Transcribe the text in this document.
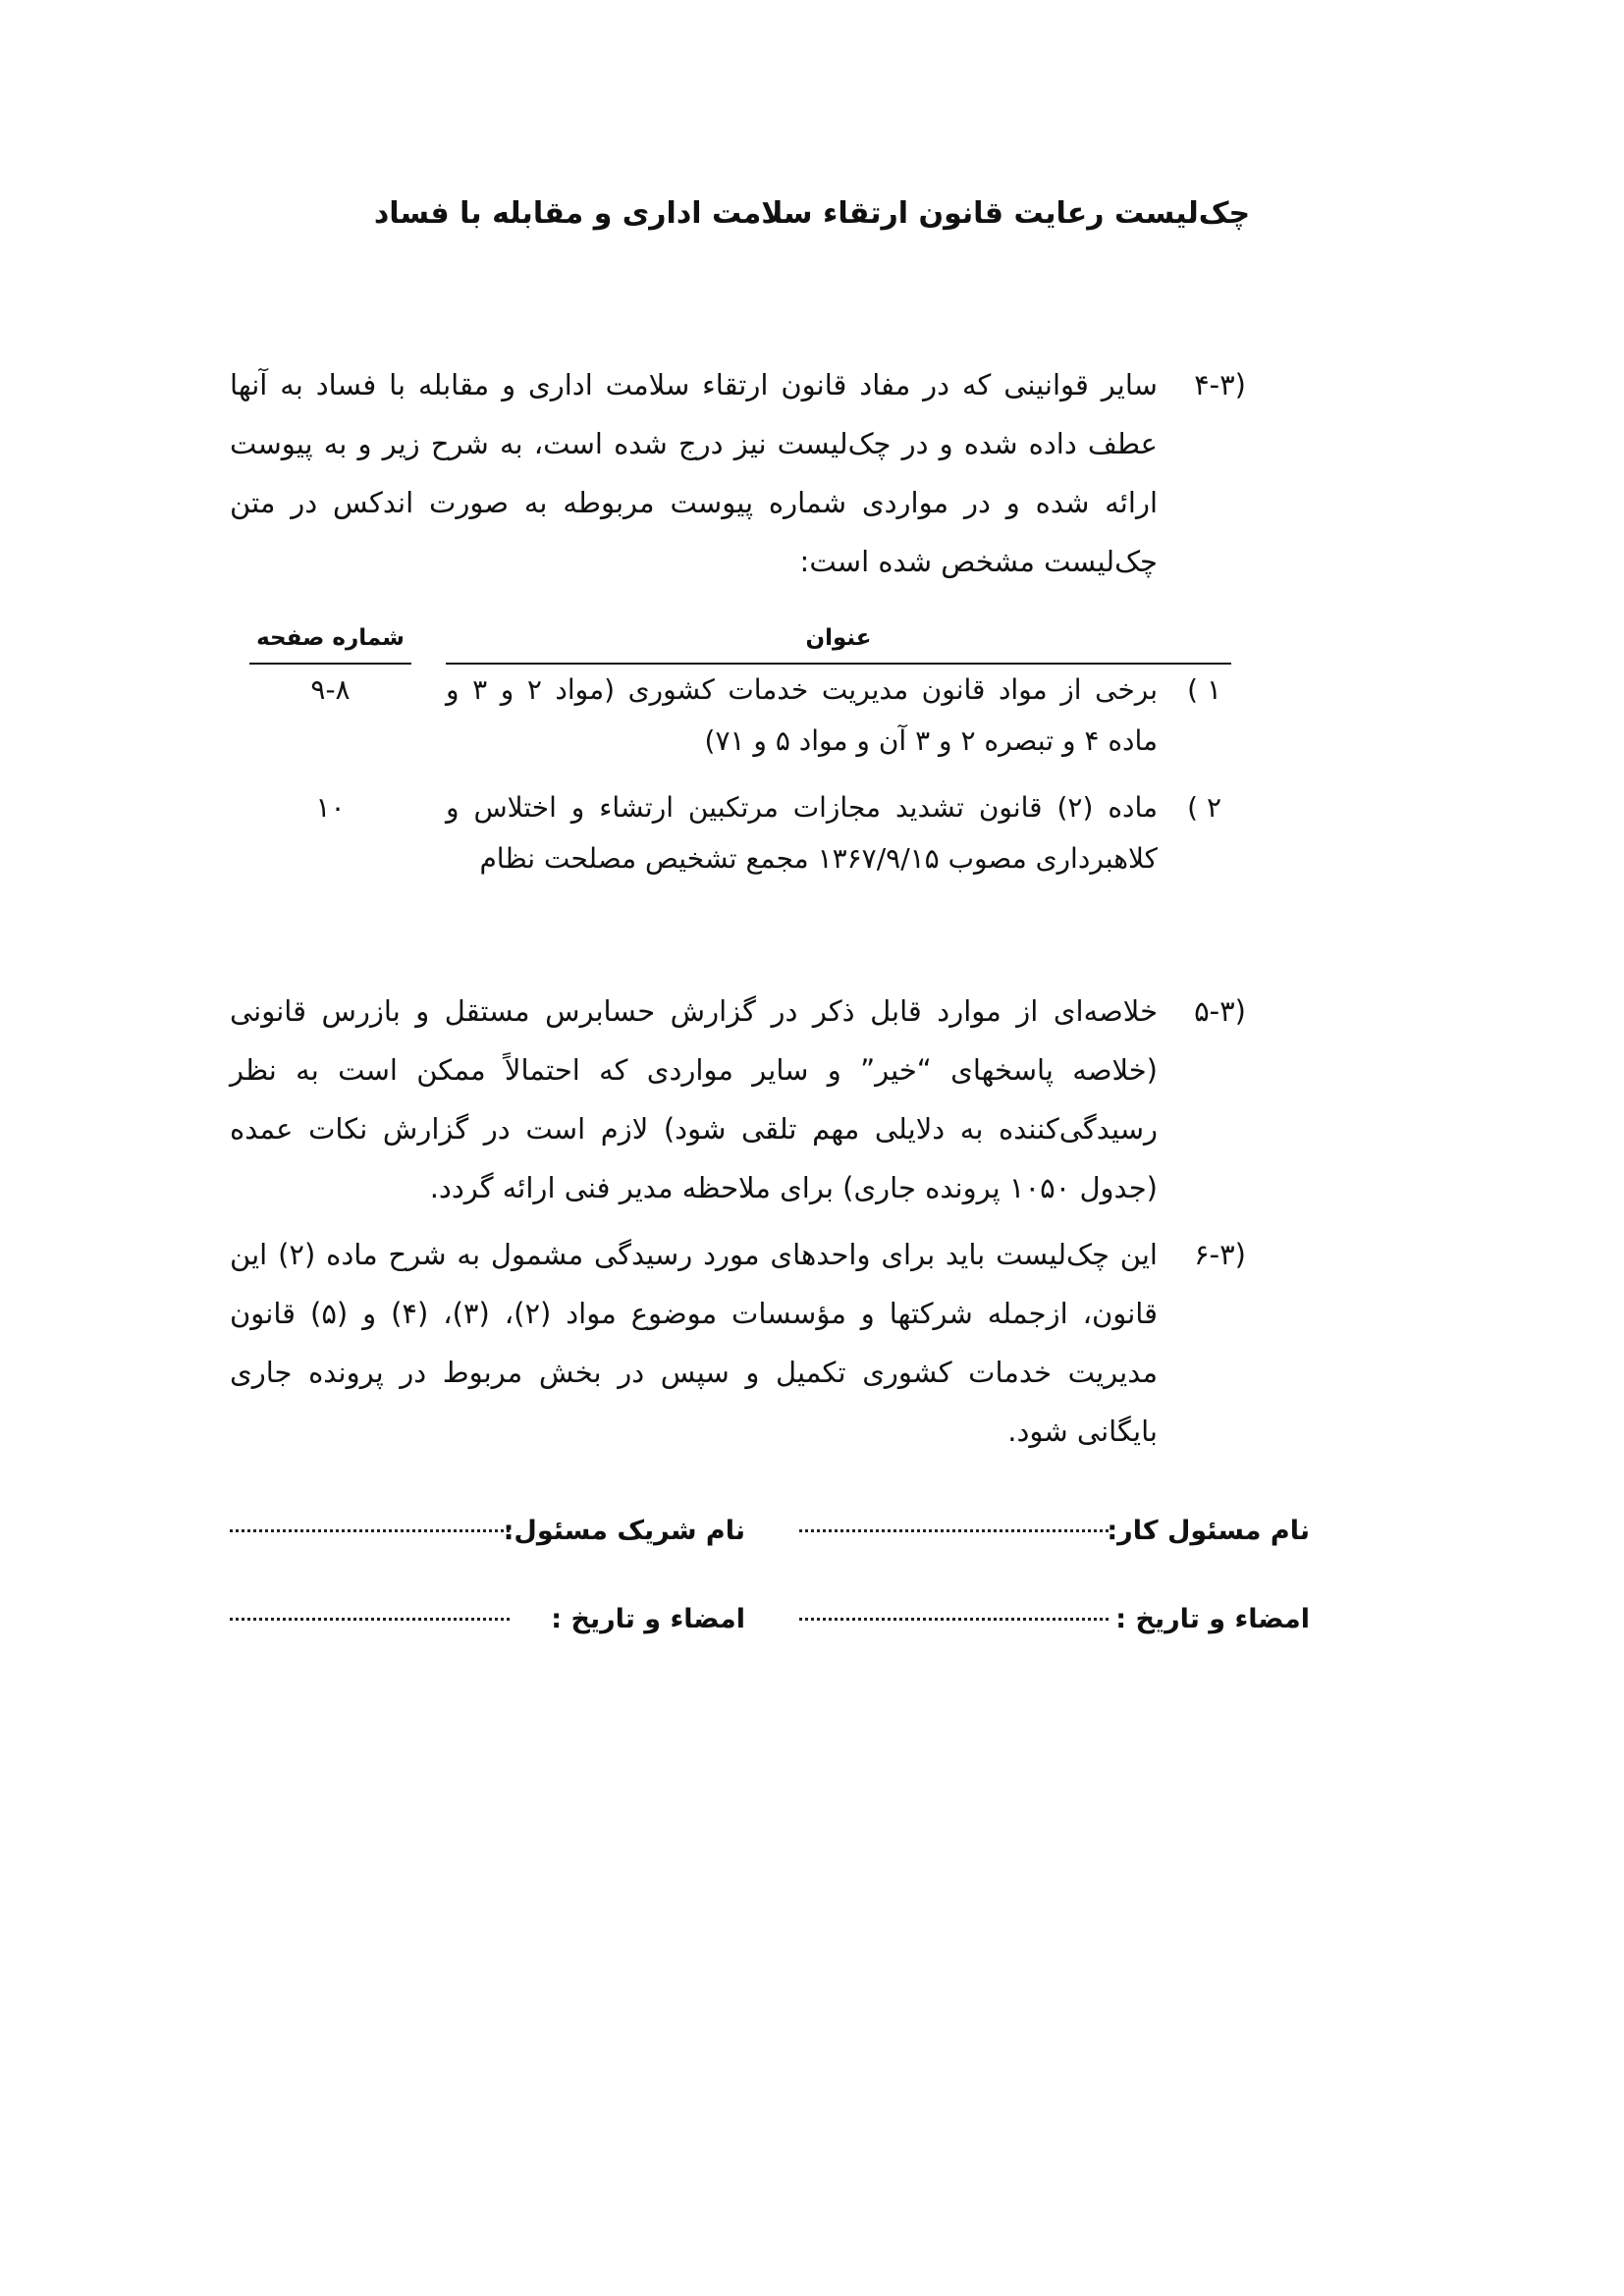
چک‌لیست رعایت قانون ارتقاء سلامت اداری و مقابله با فساد
۴-۳)
سایر قوانینی که در مفاد قانون ارتقاء سلامت اداری و مقابله با فساد به آنها عطف داده شده و در چک‌لیست نیز درج شده است، به شرح زیر و به پیوست ارائه شده و در مواردی شماره پیوست مربوطه به صورت اندکس در متن چک‌لیست مشخص شده است:
عنوان
شماره صفحه
۱ )
برخی از مواد قانون مدیریت خدمات کشوری (مواد ۲ و ۳ و ماده ۴ و تبصره ۲ و ۳ آن و مواد ۵ و ۷۱)
۹-۸
۲ )
ماده (۲) قانون تشدید مجازات مرتکبین ارتشاء و اختلاس و کلاهبرداری مصوب ۱۳۶۷/۹/۱۵ مجمع تشخیص مصلحت نظام
۱۰
۵-۳)
خلاصه‌ای از موارد قابل ذکر در گزارش حسابرس مستقل و بازرس قانونی (خلاصه پاسخهای “خیر” و سایر مواردی که احتمالاً ممکن است به نظر رسیدگی‌کننده به دلایلی مهم تلقی شود) لازم است در گزارش نکات عمده (جدول ۱۰۵۰ پرونده جاری) برای ملاحظه مدیر فنی ارائه گردد.
۶-۳)
این چک‌لیست باید برای واحدهای مورد رسیدگی مشمول به شرح ماده (۲) این قانون، ازجمله شرکتها و مؤسسات موضوع مواد (۲)، (۳)، (۴) و (۵) قانون مدیریت خدمات کشوری تکمیل و سپس در بخش مربوط در پرونده جاری بایگانی شود.
نام مسئول کار:
نام شریک مسئول:
امضاء و تاریخ :
امضاء و تاریخ :
